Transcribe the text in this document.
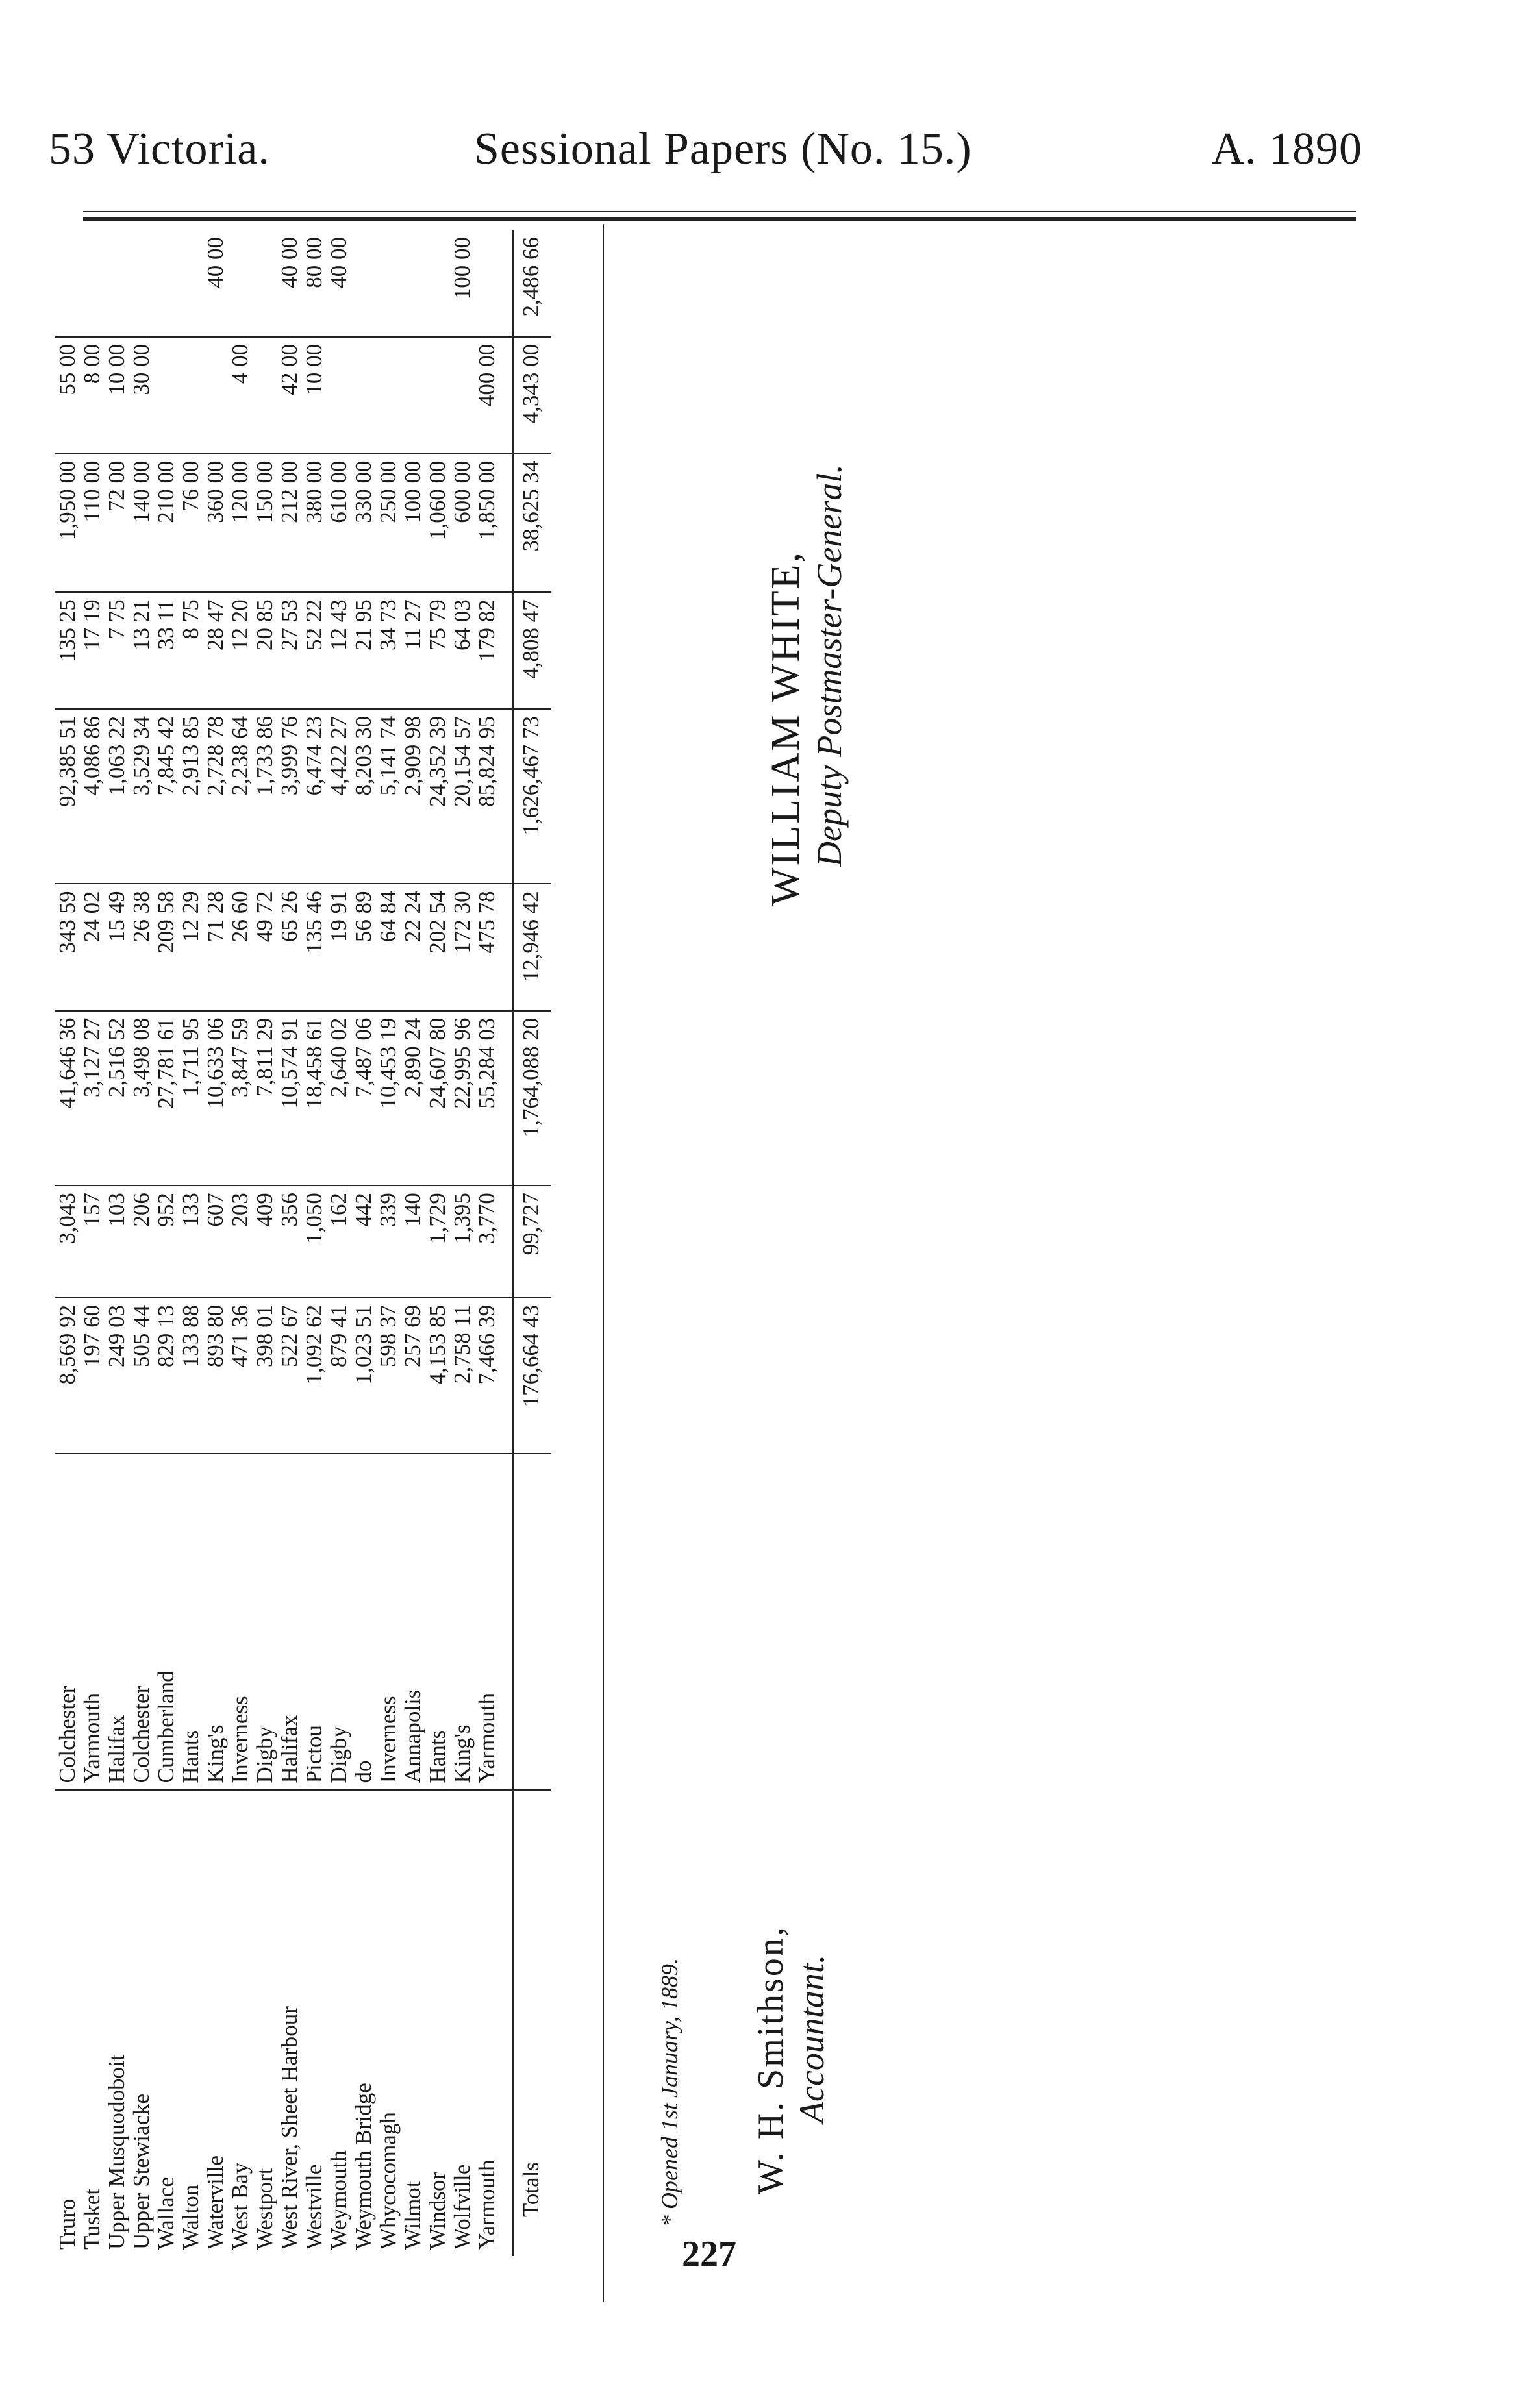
53 Victoria.	Sessional Papers (No. 15.)	A. 1890
Truro	Colchester	8,569 92	3,043	41,646 36	343 59	92,385 51	135 25	1,950 00	55 00	
Tusket	Yarmouth	197 60	157	3,127 27	24 02	4,086 86	17 19	110 00	8 00	
Upper Musquodoboit	Halifax	249 03	103	2,516 52	15 49	1,063 22	7 75	72 00	10 00	
Upper Stewiacke	Colchester	505 44	206	3,498 08	26 38	3,529 34	13 21	140 00	30 00	
Wallace	Cumberland	829 13	952	27,781 61	209 58	7,845 42	33 11	210 00		
Walton	Hants	133 88	133	1,711 95	12 29	2,913 85	8 75	76 00		
Waterville	King's	893 80	607	10,633 06	71 28	2,728 78	28 47	360 00		40 00
West Bay	Inverness	471 36	203	3,847 59	26 60	2,238 64	12 20	120 00	4 00	
Westport	Digby	398 01	409	7,811 29	49 72	1,733 86	20 85	150 00		
West River, Sheet Harbour	Halifax	522 67	356	10,574 91	65 26	3,999 76	27 53	212 00	42 00	40 00
Westville	Pictou	1,092 62	1,050	18,458 61	135 46	6,474 23	52 22	380 00	10 00	80 00
Weymouth	Digby	879 41	162	2,640 02	19 91	4,422 27	12 43	610 00		40 00
Weymouth Bridge	do	1,023 51	442	7,487 06	56 89	8,203 30	21 95	330 00		
Whycocomagh	Inverness	598 37	339	10,453 19	64 84	5,141 74	34 73	250 00		
Wilmot	Annapolis	257 69	140	2,890 24	22 24	2,909 98	11 27	100 00		
Windsor	Hants	4,153 85	1,729	24,607 80	202 54	24,352 39	75 79	1,060 00		
Wolfville	King's	2,758 11	1,395	22,995 96	172 30	20,154 57	64 03	600 00		100 00
Yarmouth	Yarmouth	7,466 39	3,770	55,284 03	475 78	85,824 95	179 82	1,850 00	400 00	

Totals		176,664 43	99,727	1,764,088 20	12,946 42	1,626,467 73	4,808 47	38,625 34	4,343 00	2,486 66
* Opened 1st January, 1889. W. H. Smithson,
Accountant.
WILLIAM WHITE,
Deputy Postmaster-General.
227
